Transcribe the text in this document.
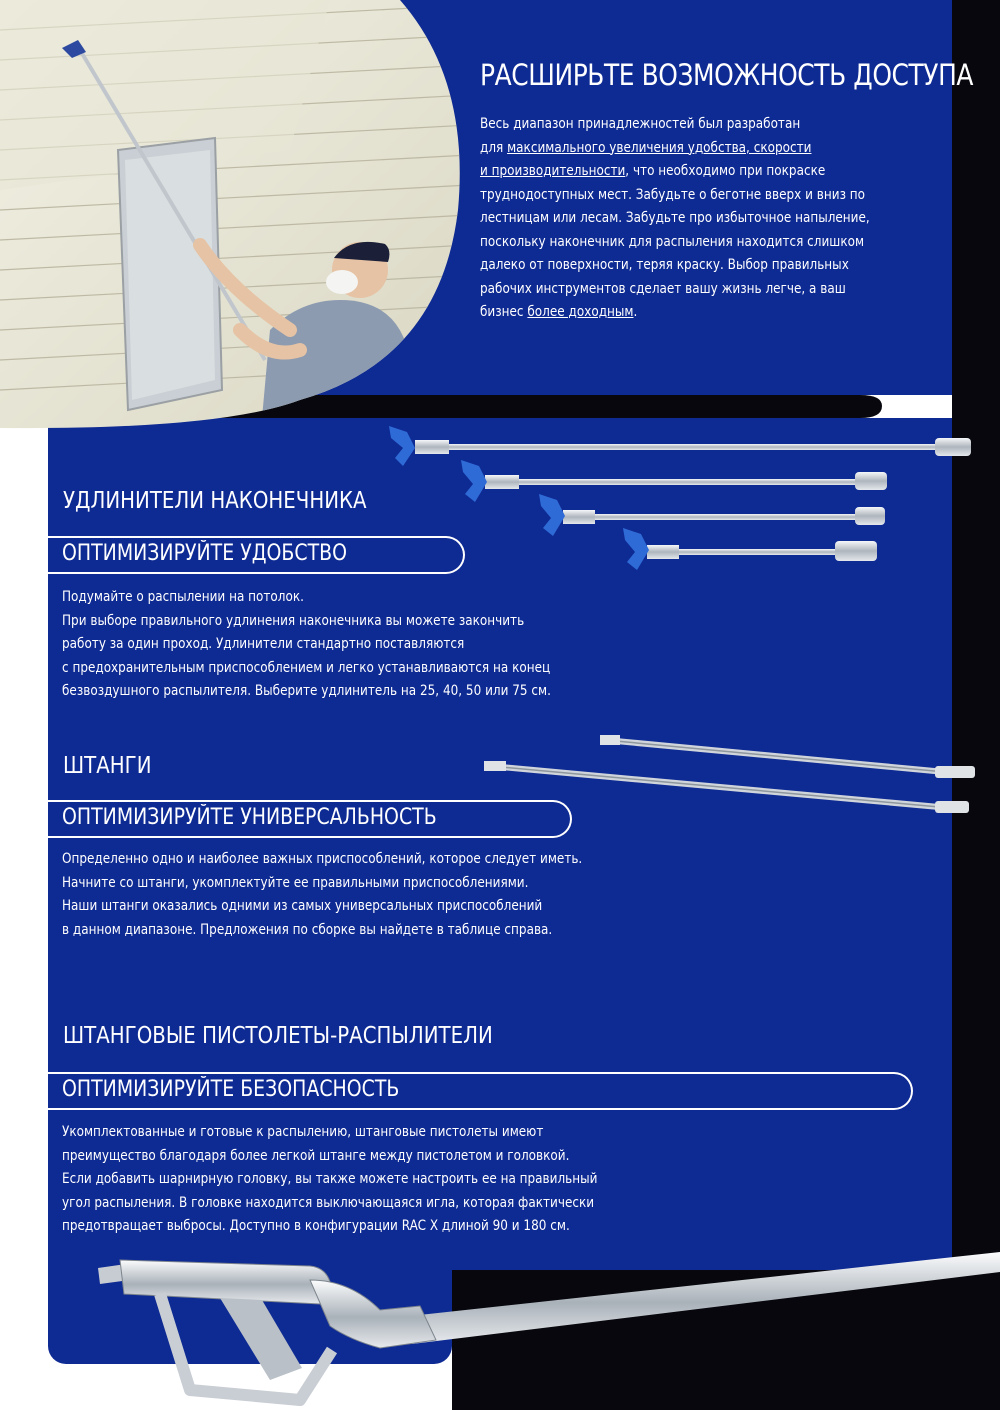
РАСШИРЬТЕ ВОЗМОЖНОСТЬ ДОСТУПА

Весь диапазон принадлежностей был разработан

для максимального увеличения удобства, скорости

и производительности, что необходимо при покраске

труднодоступных мест. Забудьте о беготне вверх и вниз по

лестницам или лесам. Забудьте про избыточное напыление,

поскольку наконечник для распыления находится слишком

далеко от поверхности, теряя краску. Выбор правильных

рабочих инструментов сделает вашу жизнь легче, а ваш

бизнес более доходным.

УДЛИНИТЕЛИ НАКОНЕЧНИКА
ОПТИМИЗИРУЙТЕ УДОБСТВО

Подумайте о распылении на потолок.

При выборе правильного удлинения наконечника вы можете закончить

работу за один проход. Удлинители стандартно поставляются

с предохранительным приспособлением и легко устанавливаются на конец

безвоздушного распылителя. Выберите удлинитель на 25, 40, 50 или 75 см.

ШТАНГИ
ОПТИМИЗИРУЙТЕ УНИВЕРСАЛЬНОСТЬ

Определенно одно и наиболее важных приспособлений, которое следует иметь.

Начните со штанги, укомплектуйте ее правильными приспособлениями.

Наши штанги оказались одними из самых универсальных приспособлений

в данном диапазоне. Предложения по сборке вы найдете в таблице справа.

ШТАНГОВЫЕ ПИСТОЛЕТЫ-РАСПЫЛИТЕЛИ
ОПТИМИЗИРУЙТЕ БЕЗОПАСНОСТЬ

Укомплектованные и готовые к распылению, штанговые пистолеты имеют

преимущество благодаря более легкой штанге между пистолетом и головкой.

Если добавить шарнирную головку, вы также можете настроить ее на правильный

угол распыления. В головке находится выключающаяся игла, которая фактически

предотвращает выбросы. Доступно в конфигурации RAC X длиной 90 и 180 см.
